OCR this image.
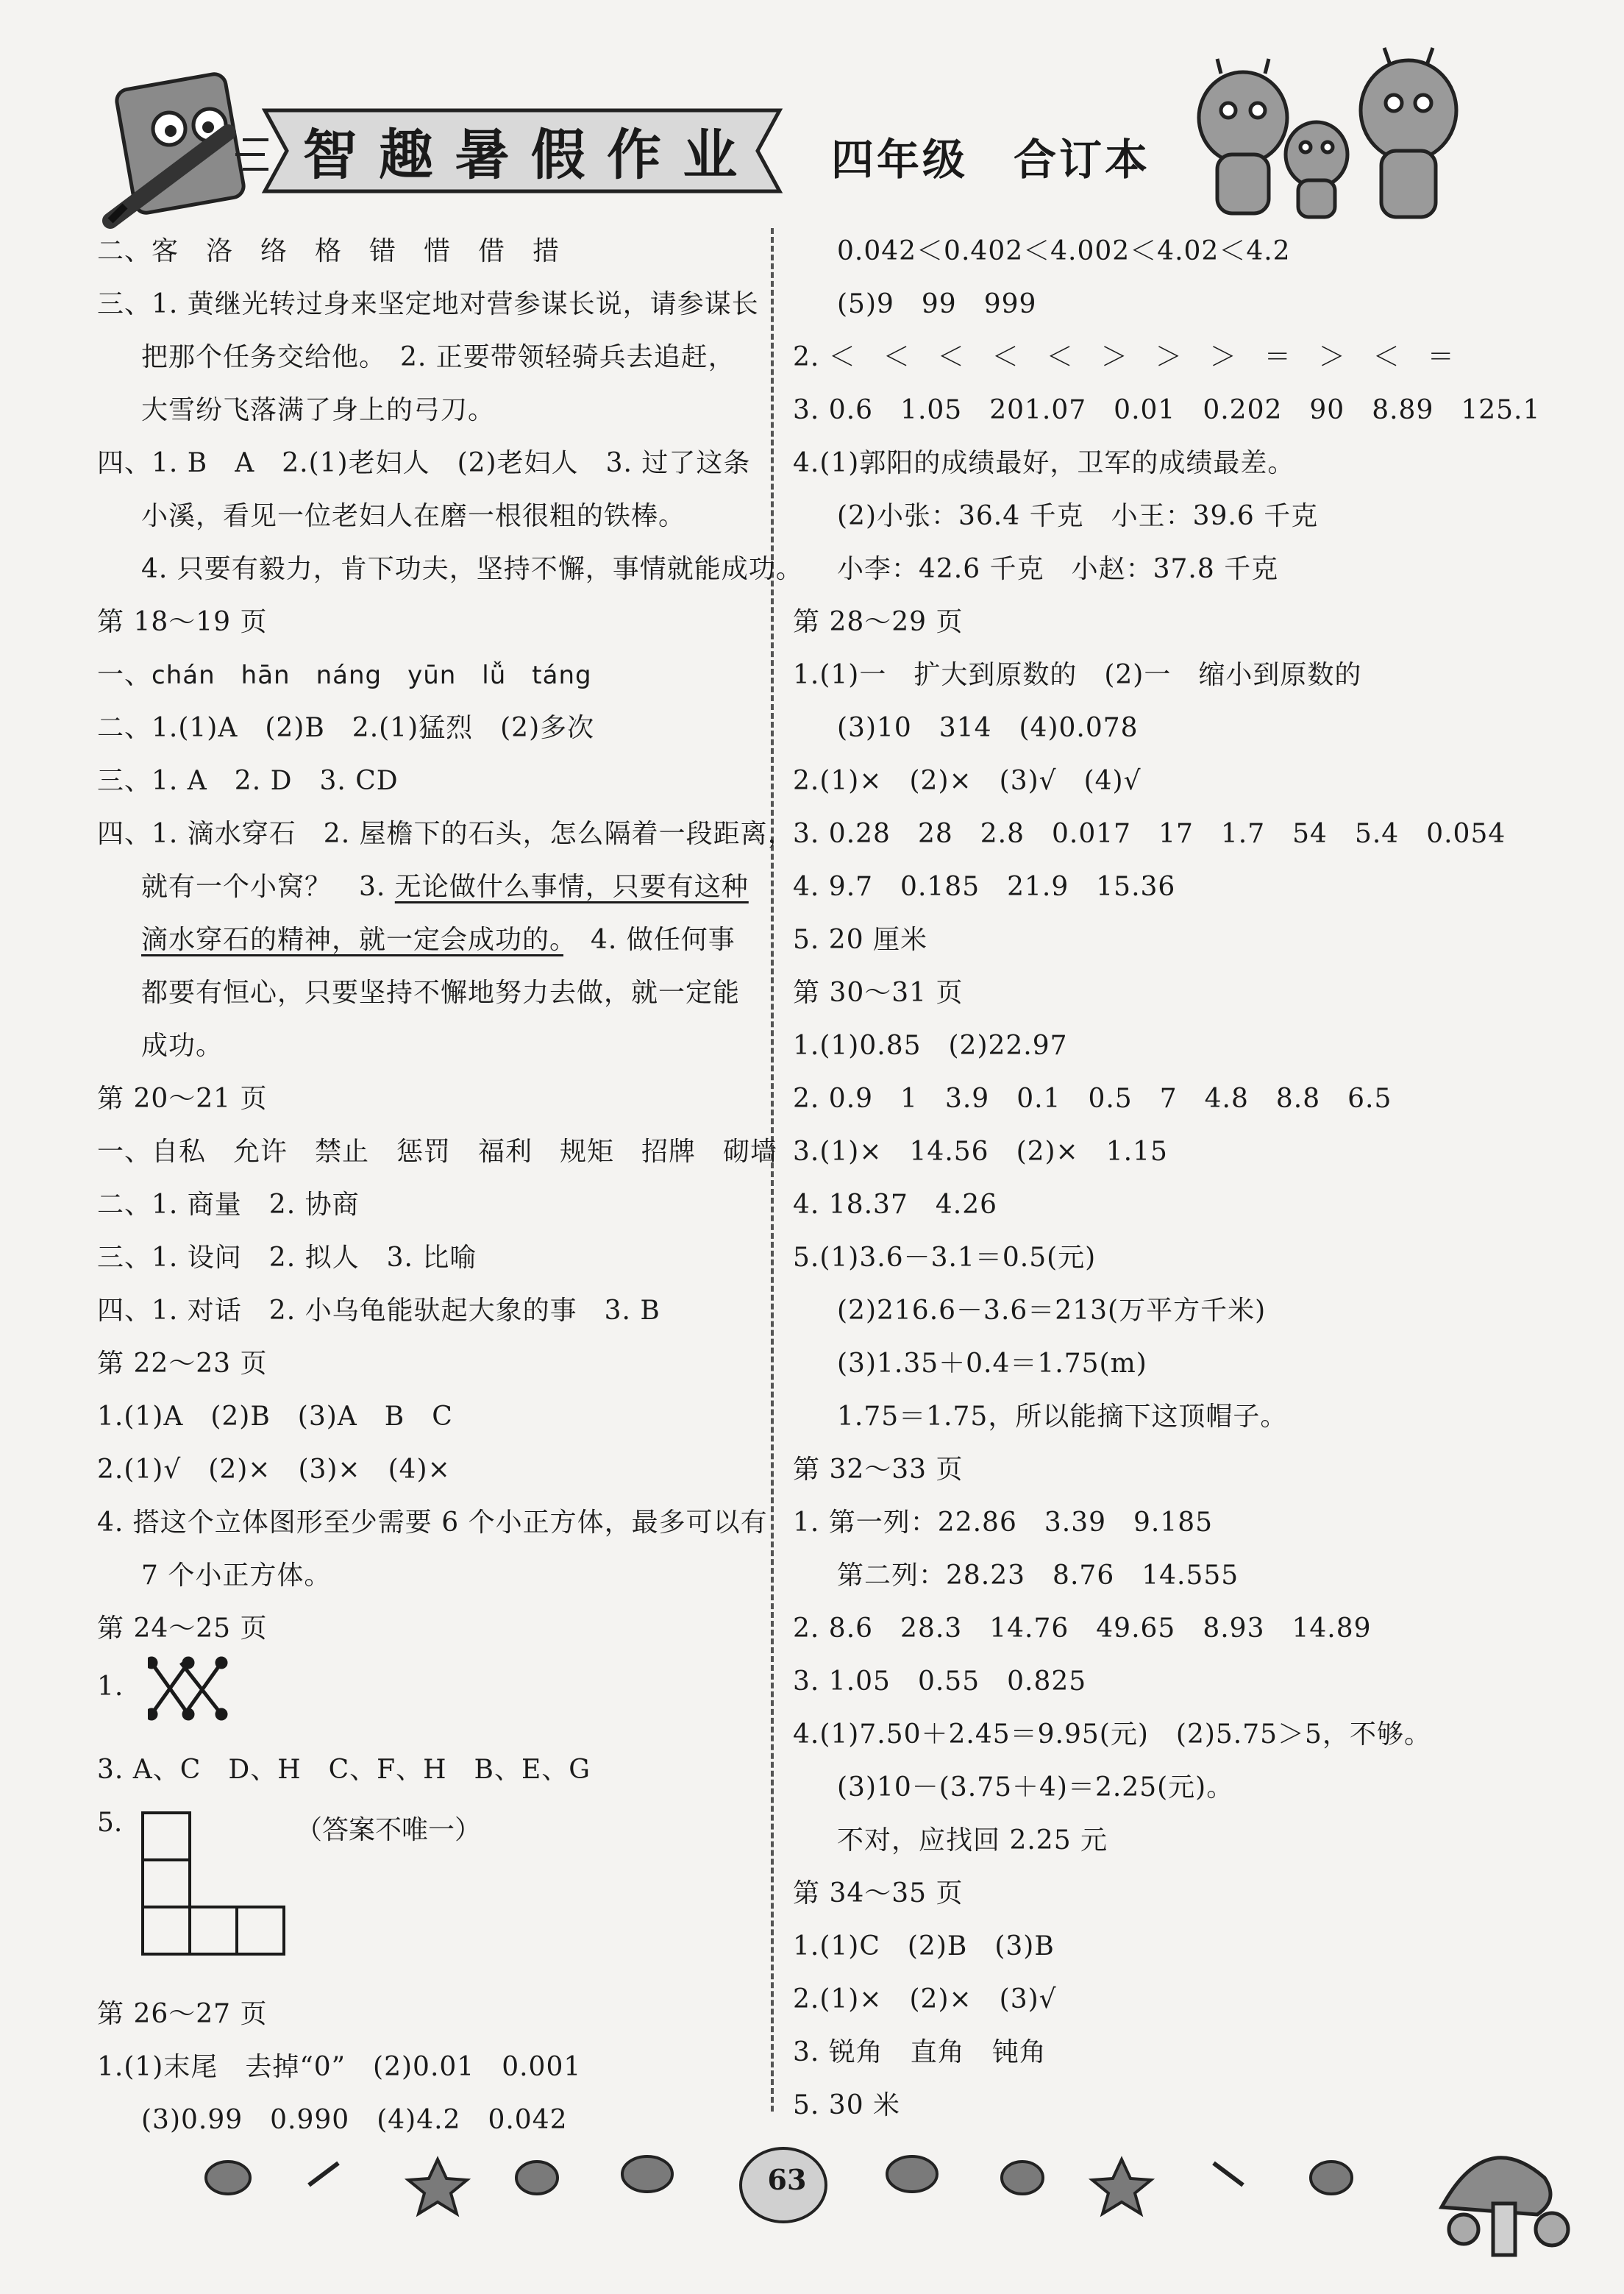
智 趣 暑 假 作 业 四年级　合订本
二、客　洛　络　格　错　惜　借　措
三、1. 黄继光转过身来坚定地对营参谋长说，请参谋长
把那个任务交给他。　2. 正要带领轻骑兵去追赶，
大雪纷飞落满了身上的弓刀。
四、1. B　A　2.(1)老妇人　(2)老妇人　3. 过了这条
小溪，看见一位老妇人在磨一根很粗的铁棒。
4. 只要有毅力，肯下功夫，坚持不懈，事情就能成功。
第 18～19 页
一、chán　hān　náng　yūn　lǚ　táng
二、1.(1)A　(2)B　2.(1)猛烈　(2)多次
三、1. A　2. D　3. CD
四、1. 滴水穿石　2. 屋檐下的石头，怎么隔着一段距离，
就有一个小窝？　3. 无论做什么事情，只要有这种
滴水穿石的精神，就一定会成功的。　4. 做任何事
都要有恒心，只要坚持不懈地努力去做，就一定能
成功。
第 20～21 页
一、自私　允许　禁止　惩罚　福利　规矩　招牌　砌墙
二、1. 商量　2. 协商
三、1. 设问　2. 拟人　3. 比喻
四、1. 对话　2. 小乌龟能驮起大象的事　3. B
第 22～23 页
1.(1)A　(2)B　(3)A　B　C
2.(1)√　(2)×　(3)×　(4)×
4. 搭这个立体图形至少需要 6 个小正方体，最多可以有
7 个小正方体。
第 24～25 页
1.
3. A、C　D、H　C、F、H　B、E、G
5.	（答案不唯一）
第 26～27 页
1.(1)末尾　去掉“0”　(2)0.01　0.001
(3)0.99　0.990　(4)4.2　0.042
0.042＜0.402＜4.002＜4.02＜4.2
(5)9　99　999
2. ＜　＜　＜　＜　＜　＞　＞　＞　＝　＞　＜　＝
3. 0.6　1.05　201.07　0.01　0.202　90　8.89　125.1
4.(1)郭阳的成绩最好，卫军的成绩最差。
(2)小张：36.4 千克　小王：39.6 千克
小李：42.6 千克　小赵：37.8 千克
第 28～29 页
1.(1)一　扩大到原数的　(2)一　缩小到原数的
(3)10　314　(4)0.078
2.(1)×　(2)×　(3)√　(4)√
3. 0.28　28　2.8　0.017　17　1.7　54　5.4　0.054
4. 9.7　0.185　21.9　15.36
5. 20 厘米
第 30～31 页
1.(1)0.85　(2)22.97
2. 0.9　1　3.9　0.1　0.5　7　4.8　8.8　6.5
3.(1)×　14.56　(2)×　1.15
4. 18.37　4.26
5.(1)3.6－3.1＝0.5(元)
(2)216.6－3.6＝213(万平方千米)
(3)1.35＋0.4＝1.75(m)
1.75＝1.75，所以能摘下这顶帽子。
第 32～33 页
1. 第一列：22.86　3.39　9.185
第二列：28.23　8.76　14.555
2. 8.6　28.3　14.76　49.65　8.93　14.89
3. 1.05　0.55　0.825
4.(1)7.50＋2.45＝9.95(元)　(2)5.75＞5，不够。
(3)10－(3.75＋4)＝2.25(元)。
不对，应找回 2.25 元
第 34～35 页
1.(1)C　(2)B　(3)B
2.(1)×　(2)×　(3)√
3. 锐角　直角　钝角
5. 30 米
63
